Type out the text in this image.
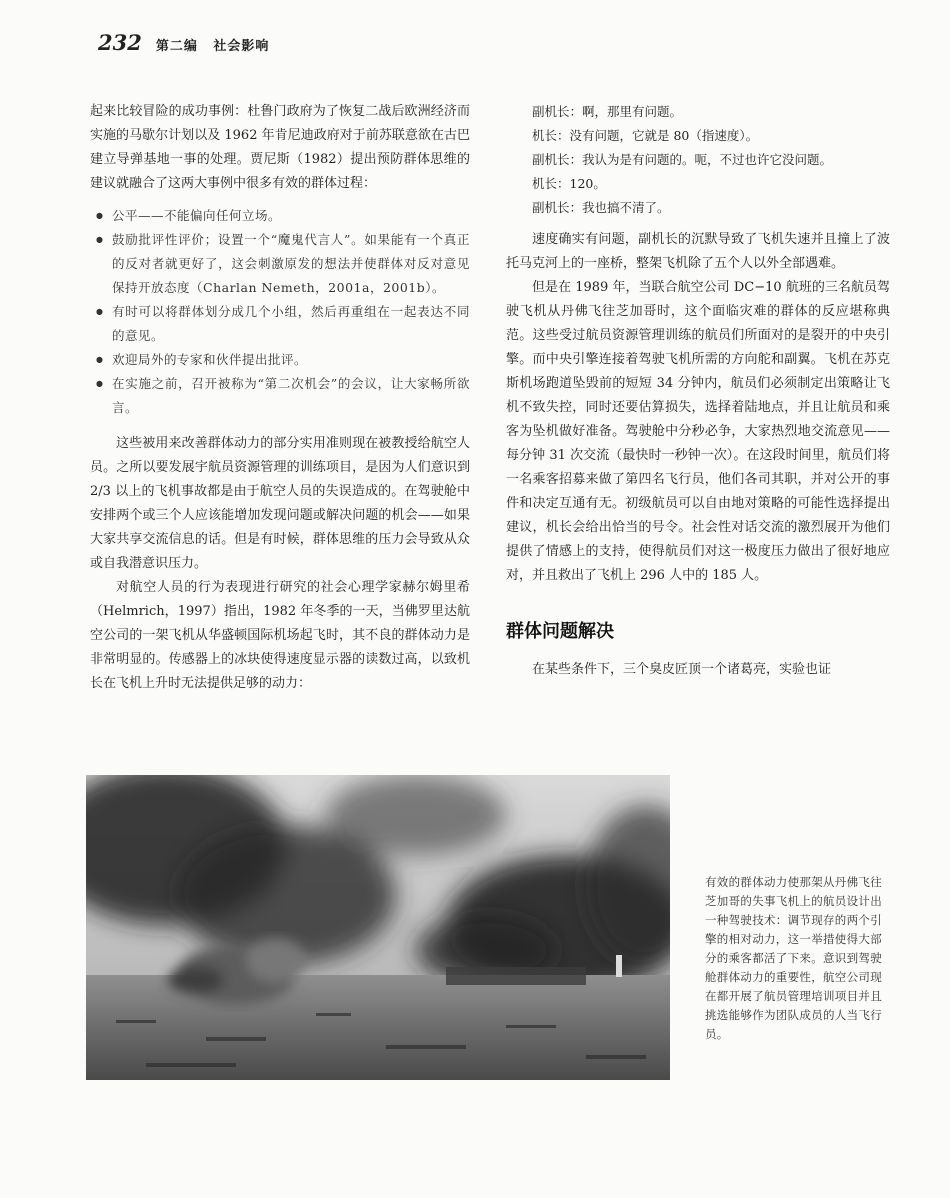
232 第二编 社会影响

起来比较冒险的成功事例：杜鲁门政府为了恢复二战后欧洲经济而实施的马歇尔计划以及 1962 年肯尼迪政府对于前苏联意欲在古巴建立导弹基地一事的处理。贾尼斯（1982）提出预防群体思维的建议就融合了这两大事例中很多有效的群体过程：

● 公平——不能偏向任何立场。
● 鼓励批评性评价；设置一个“魔鬼代言人”。如果能有一个真正的反对者就更好了，这会刺激原发的想法并使群体对反对意见保持开放态度（Charlan Nemeth，2001a，2001b）。
● 有时可以将群体划分成几个小组，然后再重组在一起表达不同的意见。
● 欢迎局外的专家和伙伴提出批评。
● 在实施之前，召开被称为“第二次机会”的会议，让大家畅所欲言。

这些被用来改善群体动力的部分实用准则现在被教授给航空人员。之所以要发展宇航员资源管理的训练项目，是因为人们意识到 2/3 以上的飞机事故都是由于航空人员的失误造成的。在驾驶舱中安排两个或三个人应该能增加发现问题或解决问题的机会——如果大家共享交流信息的话。但是有时候，群体思维的压力会导致从众或自我潜意识压力。

对航空人员的行为表现进行研究的社会心理学家赫尔姆里希（Helmrich，1997）指出，1982 年冬季的一天，当佛罗里达航空公司的一架飞机从华盛顿国际机场起飞时，其不良的群体动力是非常明显的。传感器上的冰块使得速度显示器的读数过高，以致机长在飞机上升时无法提供足够的动力：

副机长：啊，那里有问题。
机长：没有问题，它就是 80（指速度）。
副机长：我认为是有问题的。呃，不过也许它没问题。
机长：120。
副机长：我也搞不清了。

速度确实有问题，副机长的沉默导致了飞机失速并且撞上了波托马克河上的一座桥，整架飞机除了五个人以外全部遇难。

但是在 1989 年，当联合航空公司 DC−10 航班的三名航员驾驶飞机从丹佛飞往芝加哥时，这个面临灾难的群体的反应堪称典范。这些受过航员资源管理训练的航员们所面对的是裂开的中央引擎。而中央引擎连接着驾驶飞机所需的方向舵和副翼。飞机在苏克斯机场跑道坠毁前的短短 34 分钟内，航员们必须制定出策略让飞机不致失控，同时还要估算损失，选择着陆地点，并且让航员和乘客为坠机做好准备。驾驶舱中分秒必争，大家热烈地交流意见——每分钟 31 次交流（最快时一秒钟一次）。在这段时间里，航员们将一名乘客招募来做了第四名飞行员，他们各司其职，并对公开的事件和决定互通有无。初级航员可以自由地对策略的可能性选择提出建议，机长会给出恰当的号令。社会性对话交流的激烈展开为他们提供了情感上的支持，使得航员们对这一极度压力做出了很好地应对，并且救出了飞机上 296 人中的 185 人。

群体问题解决

在某些条件下，三个臭皮匠顶一个诸葛亮，实验也证

有效的群体动力使那架从丹佛飞往芝加哥的失事飞机上的航员设计出一种驾驶技术：调节现存的两个引擎的相对动力，这一举措使得大部分的乘客都活了下来。意识到驾驶舱群体动力的重要性，航空公司现在都开展了航员管理培训项目并且挑选能够作为团队成员的人当飞行员。
